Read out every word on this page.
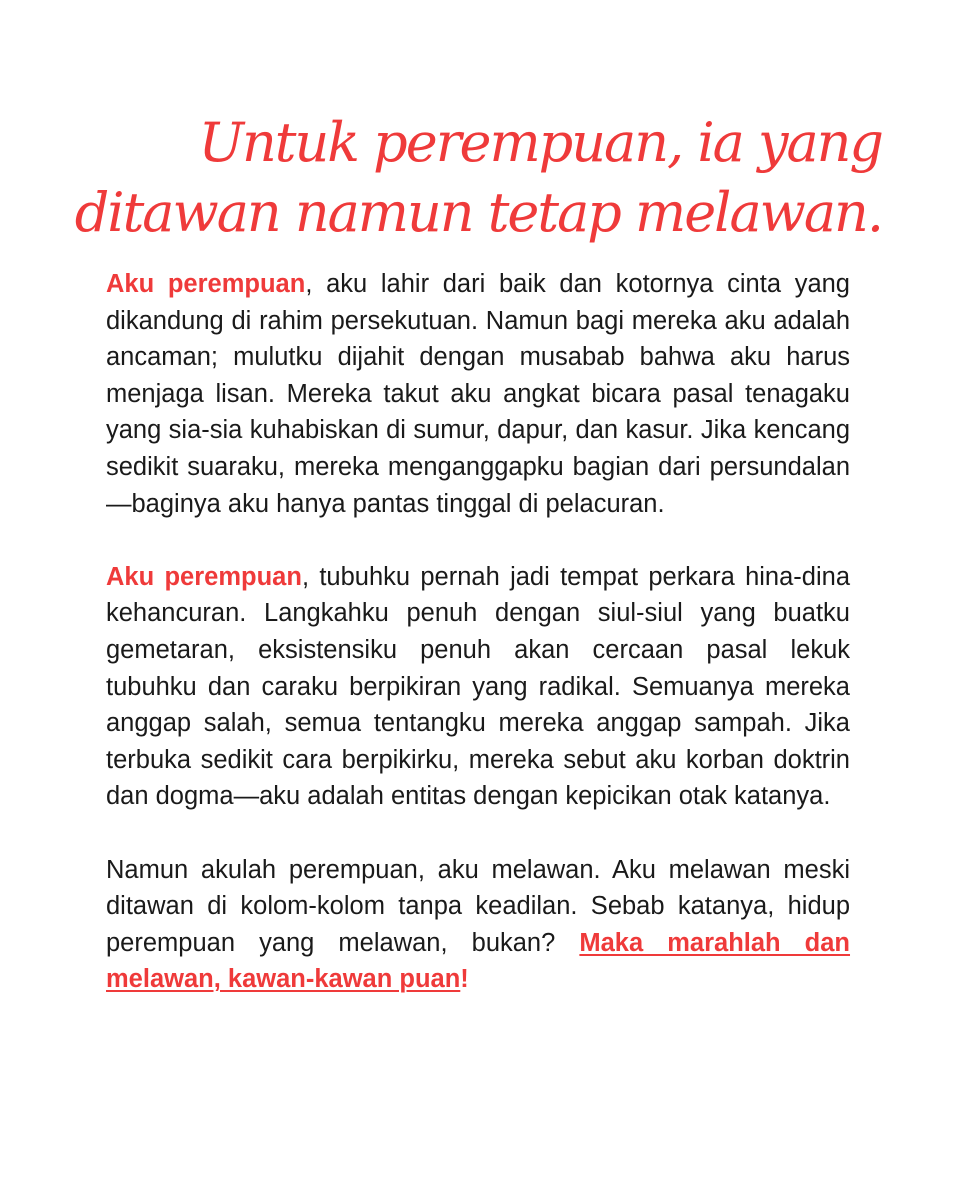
Untuk perempuan, ia yang
ditawan namun tetap melawan.

Aku perempuan, aku lahir dari baik dan kotornya cinta yang dikandung di rahim persekutuan. Namun bagi mereka aku adalah ancaman; mulutku dijahit dengan musabab bahwa aku harus menjaga lisan. Mereka takut aku angkat bicara pasal tenagaku yang sia-sia kuhabiskan di sumur, dapur, dan kasur. Jika kencang sedikit suaraku, mereka menganggapku bagian dari persundalan—baginya aku hanya pantas tinggal di pelacuran.

Aku perempuan, tubuhku pernah jadi tempat perkara hina-dina kehancuran. Langkahku penuh dengan siul-siul yang buatku gemetaran, eksistensiku penuh akan cercaan pasal lekuk tubuhku dan caraku berpikiran yang radikal. Semuanya mereka anggap salah, semua tentangku mereka anggap sampah. Jika terbuka sedikit cara berpikirku, mereka sebut aku korban doktrin dan dogma—aku adalah entitas dengan kepicikan otak katanya.

Namun akulah perempuan, aku melawan. Aku melawan meski ditawan di kolom-kolom tanpa keadilan. Sebab katanya, hidup perempuan yang melawan, bukan? Maka marahlah dan melawan, kawan-kawan puan!
